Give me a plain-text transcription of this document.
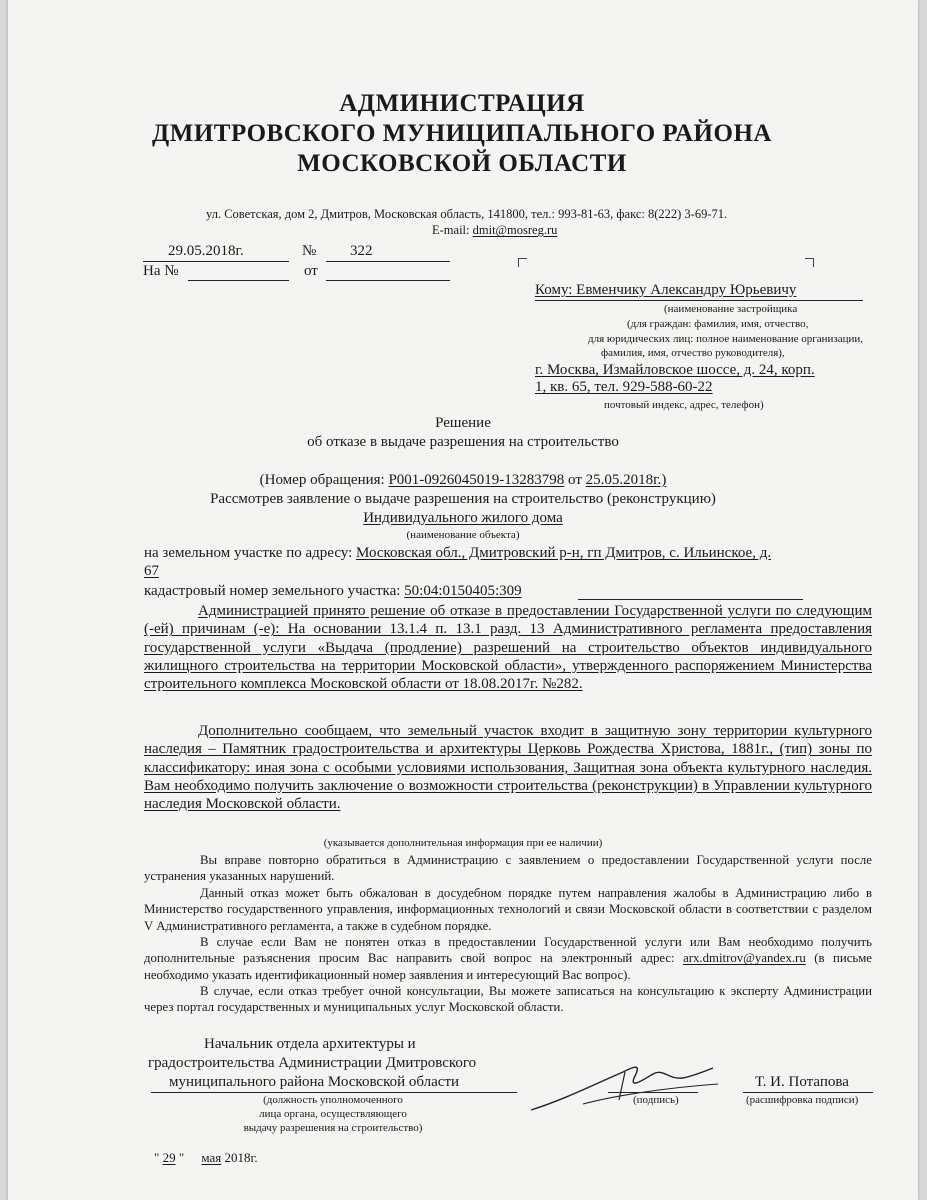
АДМИНИСТРАЦИЯ
ДМИТРОВСКОГО МУНИЦИПАЛЬНОГО РАЙОНА
МОСКОВСКОЙ ОБЛАСТИ
ул. Советская, дом 2, Дмитров, Московская область, 141800, тел.: 993-81-63, факс: 8(222) 3-69-71.
E-mail: dmit@mosreg.ru
29.05.2018г.	№ 322
На №	от
Кому: Евменчику Александру Юрьевичу
(наименование застройщика
(для граждан: фамилия, имя, отчество,
для юридических лиц: полное наименование организации,
фамилия, имя, отчество руководителя),
г. Москва, Измайловское шоссе, д. 24, корп.
1, кв. 65, тел. 929-588-60-22
почтовый индекс, адрес, телефон)
Решение
об отказе в выдаче разрешения на строительство
(Номер обращения: Р001-0926045019-13283798 от 25.05.2018г.)
Рассмотрев заявление о выдаче разрешения на строительство (реконструкцию)
Индивидуального жилого дома
(наименование объекта)
на земельном участке по адресу: Московская обл., Дмитровский р-н, гп Дмитров, с. Ильинское, д.
67
кадастровый номер земельного участка: 50:04:0150405:309
Администрацией принято решение об отказе в предоставлении Государственной услуги по следующим (-ей) причинам (-е): На основании 13.1.4 п. 13.1 разд. 13 Административного регламента предоставления государственной услуги «Выдача (продление) разрешений на строительство объектов индивидуального жилищного строительства на территории Московской области», утвержденного распоряжением Министерства строительного комплекса Московской области от 18.08.2017г. №282.
Дополнительно сообщаем, что земельный участок входит в защитную зону территории культурного наследия – Памятник градостроительства и архитектуры Церковь Рождества Христова, 1881г., (тип) зоны по классификатору: иная зона с особыми условиями использования, Защитная зона объекта культурного наследия. Вам необходимо получить заключение о возможности строительства (реконструкции) в Управлении культурного наследия Московской области.
(указывается дополнительная информация при ее наличии)
Вы вправе повторно обратиться в Администрацию с заявлением о предоставлении Государственной услуги после устранения указанных нарушений.
Данный отказ может быть обжалован в досудебном порядке путем направления жалобы в Администрацию либо в Министерство государственного управления, информационных технологий и связи Московской области в соответствии с разделом V Административного регламента, а также в судебном порядке.
В случае если Вам не понятен отказ в предоставлении Государственной услуги или Вам необходимо получить дополнительные разъяснения просим Вас направить свой вопрос на электронный адрес: arx.dmitrov@yandex.ru (в письме необходимо указать идентификационный номер заявления и интересующий Вас вопрос).
В случае, если отказ требует очной консультации, Вы можете записаться на консультацию к эксперту Администрации через портал государственных и муниципальных услуг Московской области.
Начальник отдела архитектуры и
градостроительства Администрации Дмитровского
муниципального района Московской области
(должность уполномоченного
лица органа, осуществляющего
выдачу разрешения на строительство)
(подпись)
Т. И. Потапова
(расшифровка подписи)
" 29 " мая 2018г.
